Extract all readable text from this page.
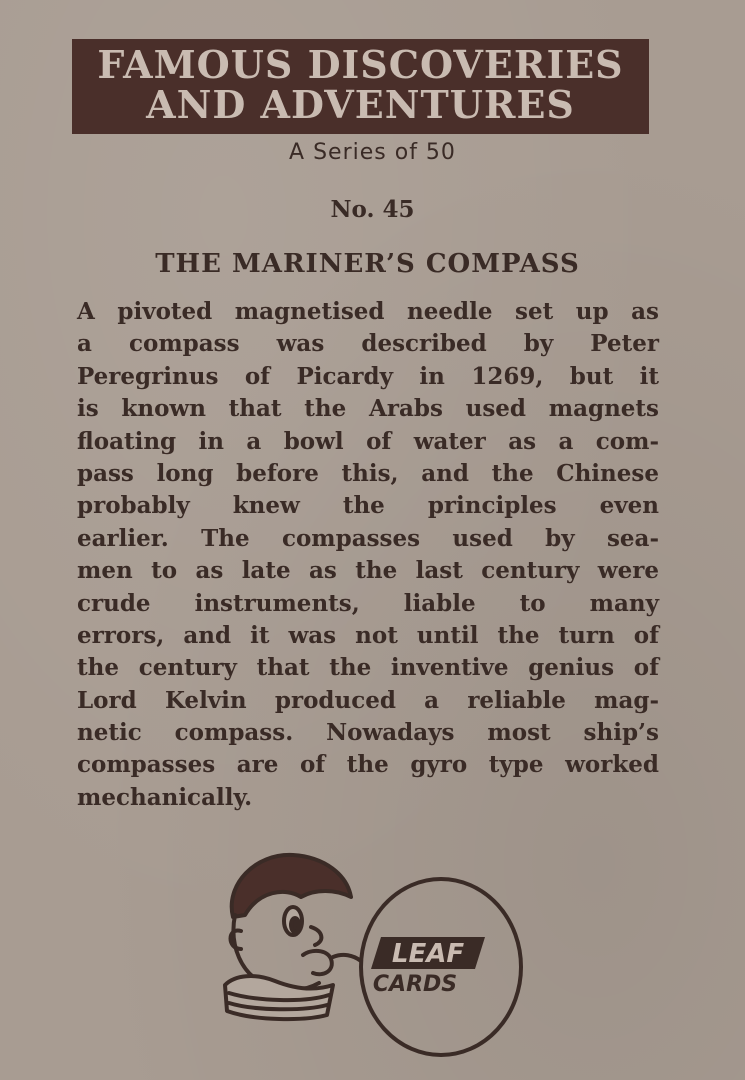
FAMOUS DISCOVERIES
AND ADVENTURES
A Series of 50
No. 45
THE MARINER’S COMPASS
A pivoted magnetised needle set up as
a compass was described by Peter
Peregrinus of Picardy in 1269, but it
is known that the Arabs used magnets
floating in a bowl of water as a com-
pass long before this, and the Chinese
probably knew the principles even
earlier. The compasses used by sea-
men to as late as the last century were
crude instruments, liable to many
errors, and it was not until the turn of
the century that the inventive genius of
Lord Kelvin produced a reliable mag-
netic compass. Nowadays most ship’s
compasses are of the gyro type worked
mechanically.
LEAF
CARDS
